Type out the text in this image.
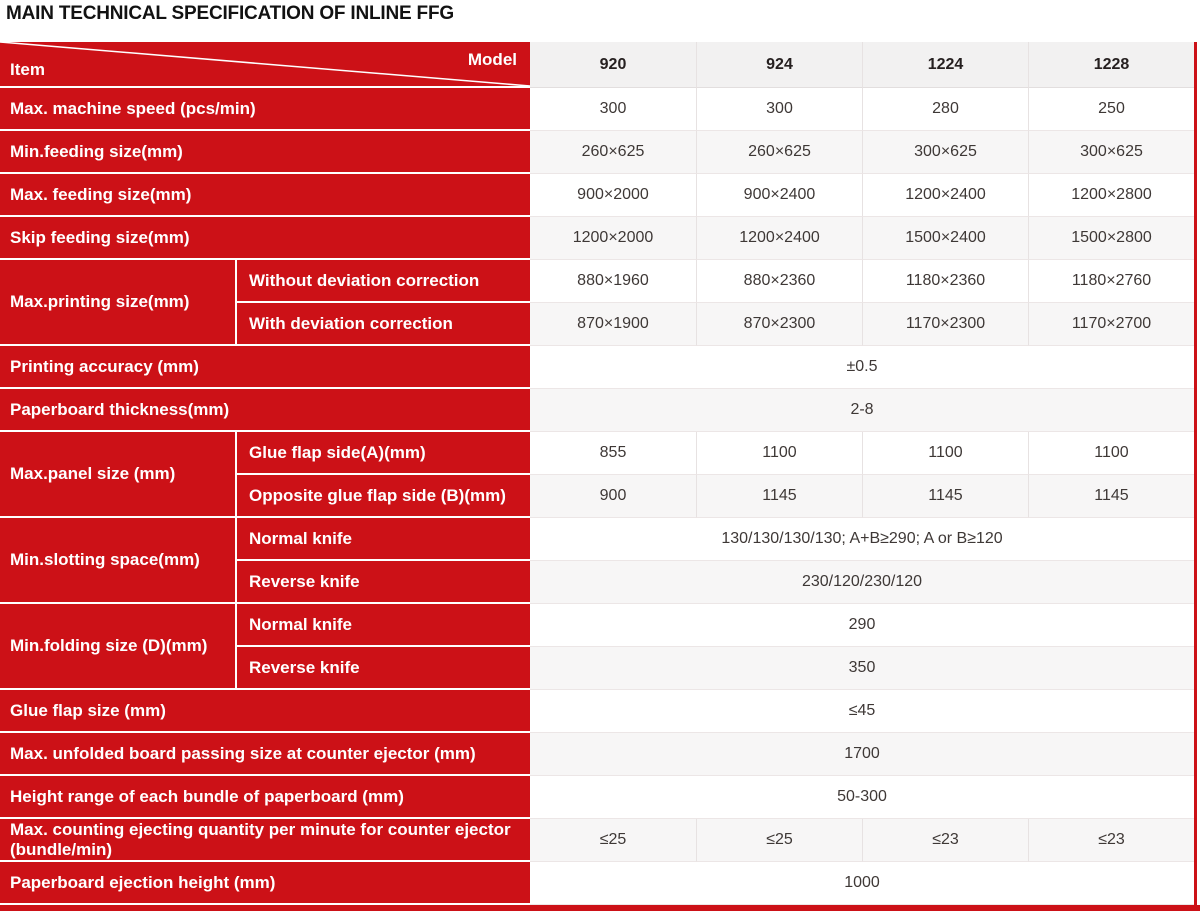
MAIN TECHNICAL SPECIFICATION OF INLINE FFG
Model
Item	920	924	1224	1228
Max. machine speed (pcs/min)	300	300	280	250
Min.feeding size(mm)	260×625	260×625	300×625	300×625
Max. feeding size(mm)	900×2000	900×2400	1200×2400	1200×2800
Skip feeding size(mm)	1200×2000	1200×2400	1500×2400	1500×2800
Max.printing size(mm)
Without deviation correction	880×1960	880×2360	1180×2360	1180×2760
With deviation correction	870×1900	870×2300	1170×2300	1170×2700
Printing accuracy (mm)	±0.5
Paperboard thickness(mm)	2-8
Max.panel size (mm)
Glue flap side(A)(mm)	855	1100	1100	1100
Opposite glue flap side (B)(mm)	900	1145	1145	1145
Min.slotting space(mm)
Normal knife	130/130/130/130; A+B≥290; A or B≥120
Reverse knife	230/120/230/120
Min.folding size (D)(mm)
Normal knife	290
Reverse knife	350
Glue flap size (mm)	≤45
Max. unfolded board passing size at counter ejector (mm)	1700
Height range of each bundle of paperboard (mm)	50-300
Max. counting ejecting quantity per minute for counter ejector (bundle/min)	≤25	≤25	≤23	≤23
Paperboard ejection height (mm)	1000
